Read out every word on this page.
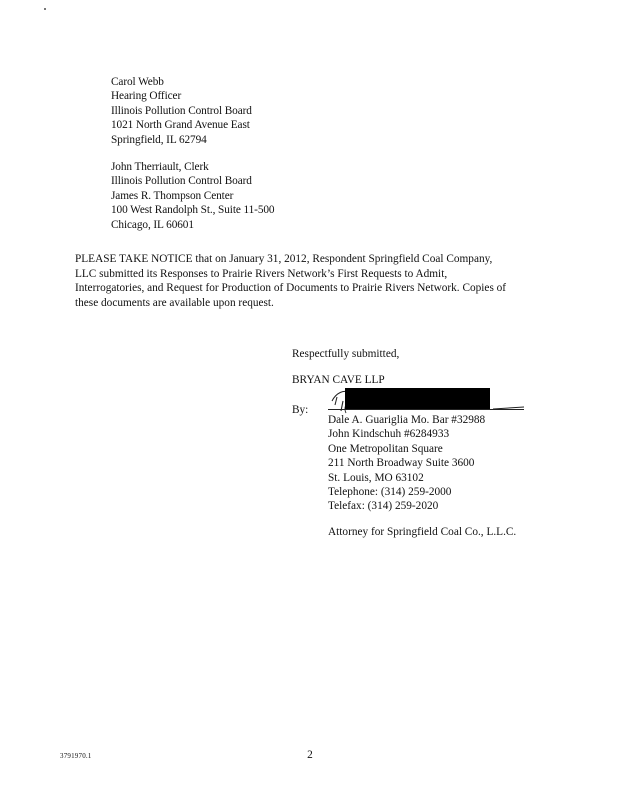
Carol Webb
Hearing Officer
Illinois Pollution Control Board
1021 North Grand Avenue East
Springfield, IL 62794
John Therriault, Clerk
Illinois Pollution Control Board
James R. Thompson Center
100 West Randolph St., Suite 11-500
Chicago, IL 60601
PLEASE TAKE NOTICE that on January 31, 2012, Respondent Springfield Coal Company,
LLC submitted its Responses to Prairie Rivers Network’s First Requests to Admit,
Interrogatories, and Request for Production of Documents to Prairie Rivers Network. Copies of
these documents are available upon request.
Respectfully submitted,
BRYAN CAVE LLP
By:
Dale A. Guariglia Mo. Bar #32988
John Kindschuh #6284933
One Metropolitan Square
211 North Broadway Suite 3600
St. Louis, MO 63102
Telephone: (314) 259-2000
Telefax: (314) 259-2020
Attorney for Springfield Coal Co., L.L.C.
3791970.1	2
